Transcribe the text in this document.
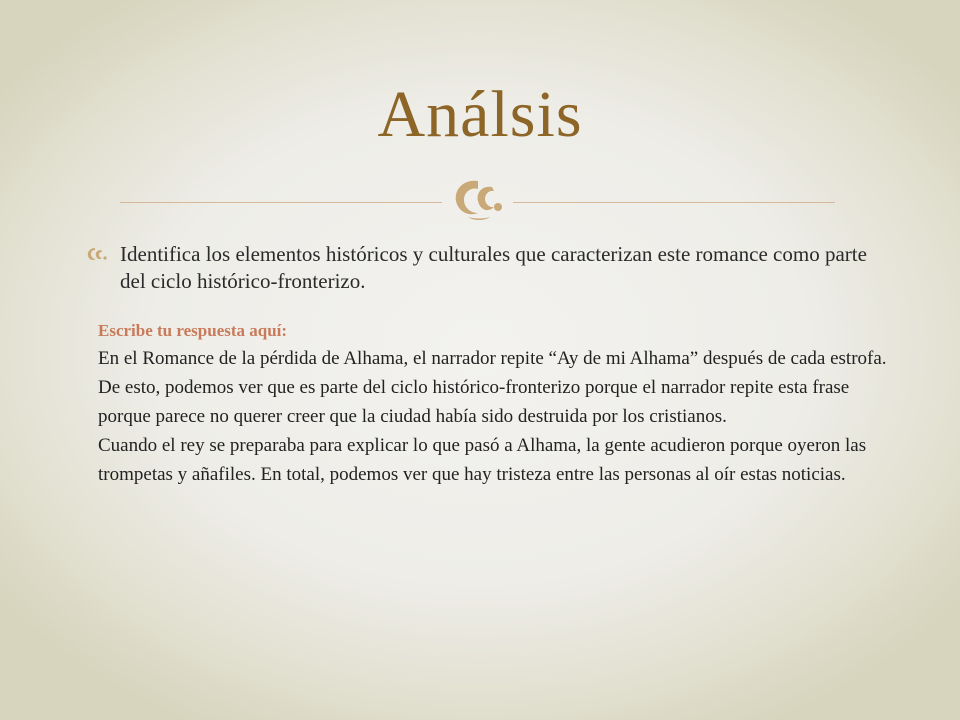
Análsis
Identifica los elementos históricos y culturales que caracterizan este romance como parte del ciclo histórico-fronterizo.
Escribe tu respuesta aquí:

En el Romance de la pérdida de Alhama, el narrador repite “Ay de mi Alhama” después de cada estrofa. De esto, podemos ver que es parte del ciclo histórico-fronterizo porque el narrador repite esta frase porque parece no querer creer que la ciudad había sido destruida por los cristianos.

Cuando el rey se preparaba para explicar lo que pasó a Alhama, la gente acudieron porque oyeron las trompetas y añafiles. En total, podemos ver que hay tristeza entre las personas al oír estas noticias.
